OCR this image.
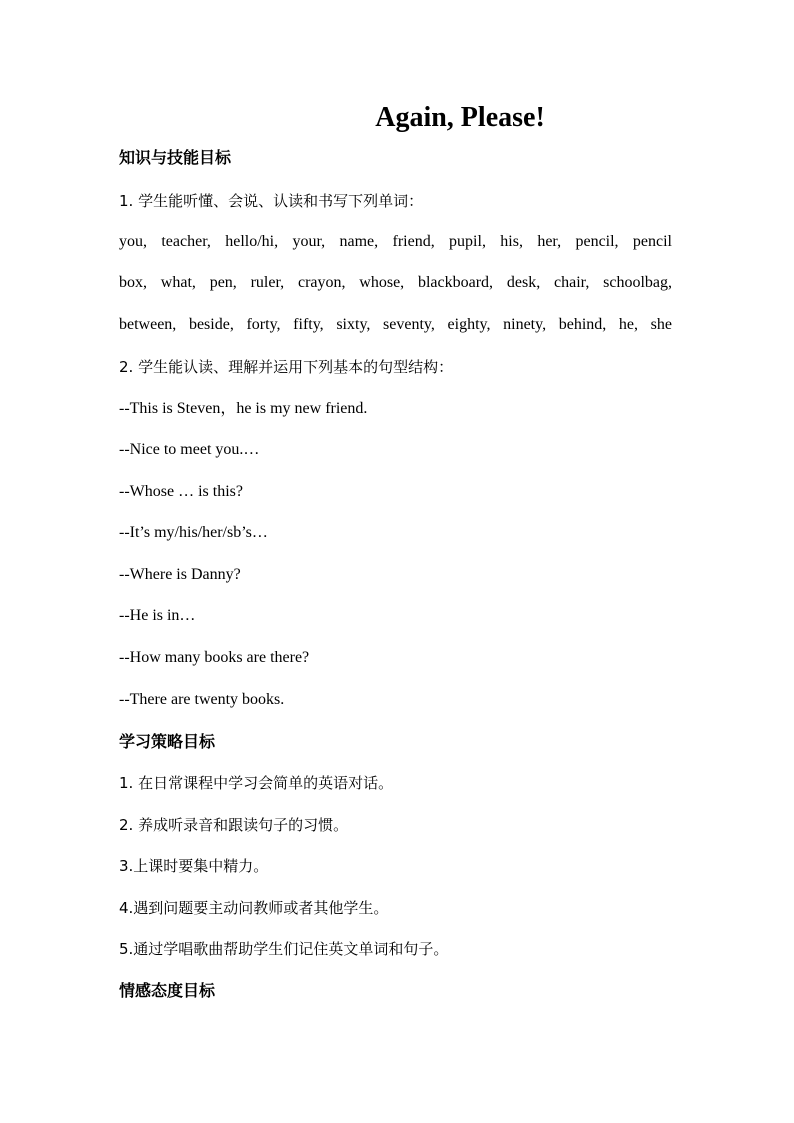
Again, Please!
知识与技能目标
1. 学生能听懂、会说、认读和书写下列单词：
you, teacher, hello/hi, your, name, friend, pupil, his, her, pencil, pencil
box, what, pen, ruler, crayon, whose, blackboard, desk, chair, schoolbag,
between, beside, forty, fifty, sixty, seventy, eighty, ninety, behind, he, she
2. 学生能认读、理解并运用下列基本的句型结构：
--This is Steven，he is my new friend.
--Nice to meet you.…
--Whose … is this?
--It’s my/his/her/sb’s…
--Where is Danny?
--He is in…
--How many books are there?
--There are twenty books.
学习策略目标
1. 在日常课程中学习会简单的英语对话。
2. 养成听录音和跟读句子的习惯。
3.上课时要集中精力。
4.遇到问题要主动问教师或者其他学生。
5.通过学唱歌曲帮助学生们记住英文单词和句子。
情感态度目标
